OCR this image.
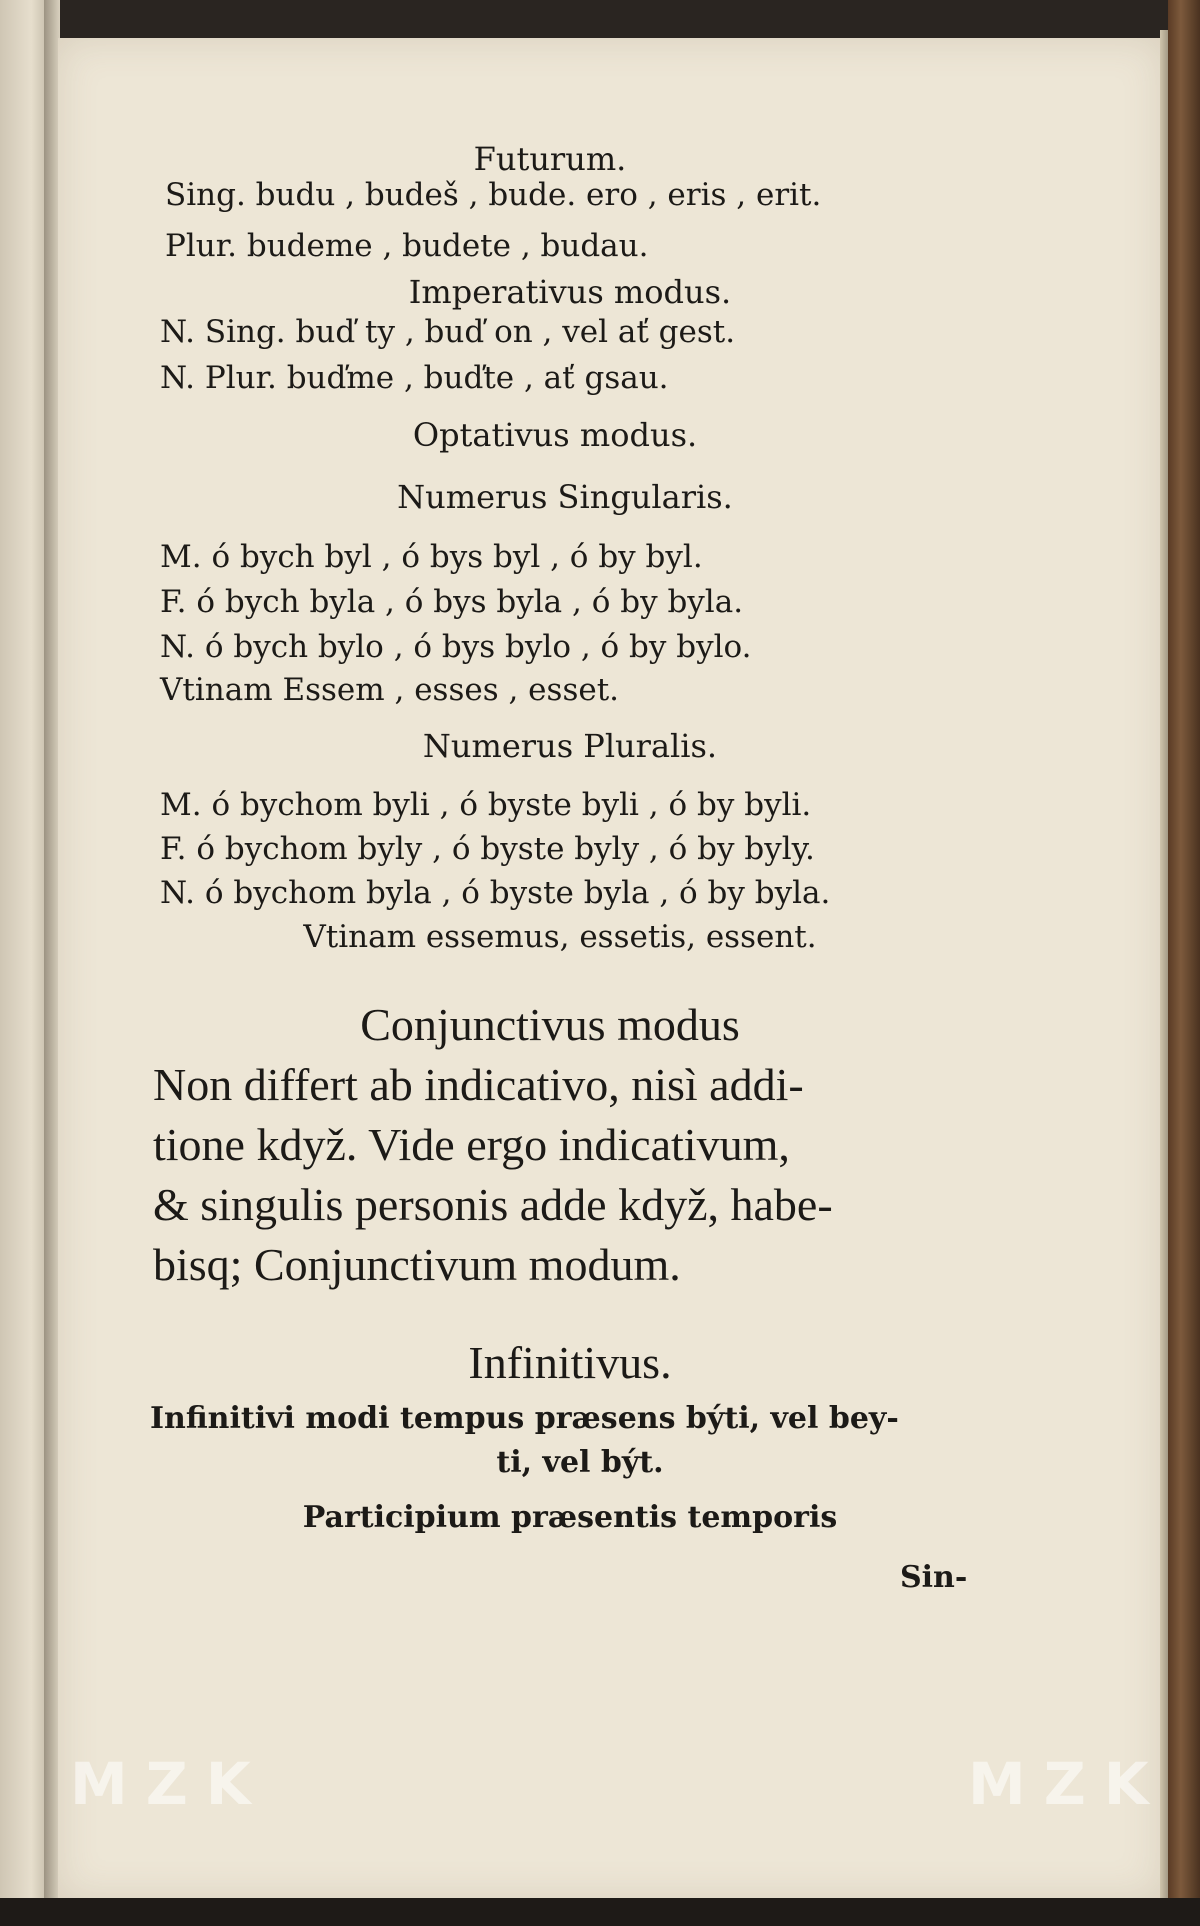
MZK	MZK
Futurum.
Sing. budu , budeš , bude. ero , eris , erit.
Plur. budeme , budete , budau.
Imperativus modus.
N. Sing. buď ty , buď on , vel ať gest.
N. Plur. buďme , buďte , ať gsau.
Optativus modus.
Numerus Singularis.
M. ó bych byl , ó bys byl , ó by byl.
F. ó bych byla , ó bys byla , ó by byla.
N. ó bych bylo , ó bys bylo , ó by bylo.
Vtinam Essem , esses , esset.
Numerus Pluralis.
M. ó bychom byli , ó byste byli , ó by byli.
F. ó bychom byly , ó byste byly , ó by byly.
N. ó bychom byla , ó byste byla , ó by byla.
Vtinam essemus, essetis, essent.
Conjunctivus modus
Non differt ab indicativo, nisì addi-
tione když. Vide ergo indicativum,
& singulis personis adde když, habe-
bisq; Conjunctivum modum.
Infinitivus.
Infinitivi modi tempus præsens býti, vel bey-
ti, vel být.
Participium præsentis temporis
Sin-
